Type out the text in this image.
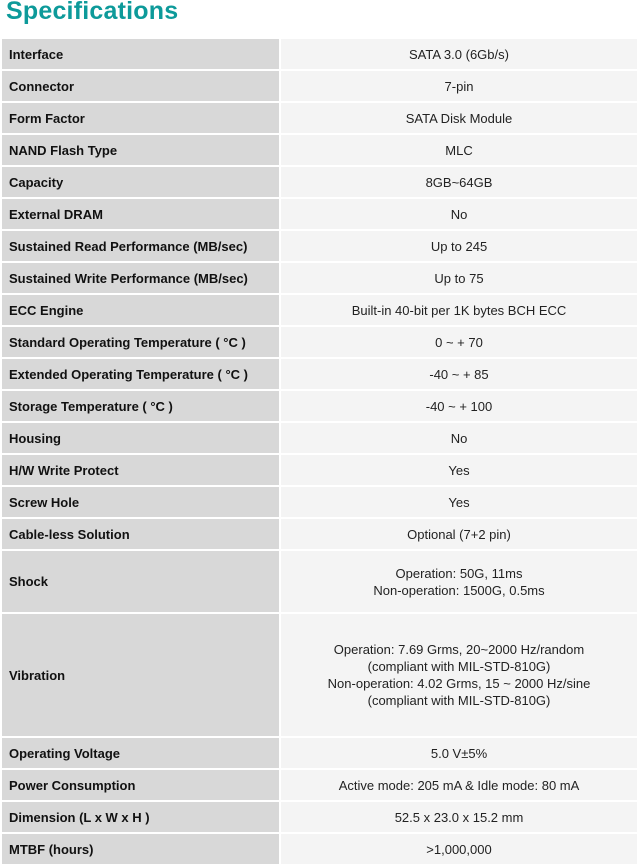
Specifications
Interface	SATA 3.0 (6Gb/s)

Connector	7-pin

Form Factor	SATA Disk Module

NAND Flash Type	MLC

Capacity	8GB~64GB

External DRAM	No

Sustained Read Performance (MB/sec)	Up to 245

Sustained Write Performance (MB/sec)	Up to 75

ECC Engine	Built-in 40-bit per 1K bytes BCH ECC

Standard Operating Temperature ( °C )	0 ~ + 70

Extended Operating Temperature ( °C )	-40 ~ + 85

Storage Temperature ( °C )	-40 ~ + 100

Housing	No

H/W Write Protect	Yes

Screw Hole	Yes

Cable-less Solution	Optional (7+2 pin)

Shock	Operation: 50G, 11ms
Non-operation: 1500G, 0.5ms

Vibration	Operation: 7.69 Grms, 20~2000 Hz/random
(compliant with MIL-STD-810G)
Non-operation: 4.02 Grms, 15 ~ 2000 Hz/sine
(compliant with MIL-STD-810G)

Operating Voltage	5.0 V±5%

Power Consumption	Active mode: 205 mA & Idle mode: 80 mA

Dimension (L x W x H )	52.5 x 23.0 x 15.2 mm

MTBF (hours)	>1,000,000
